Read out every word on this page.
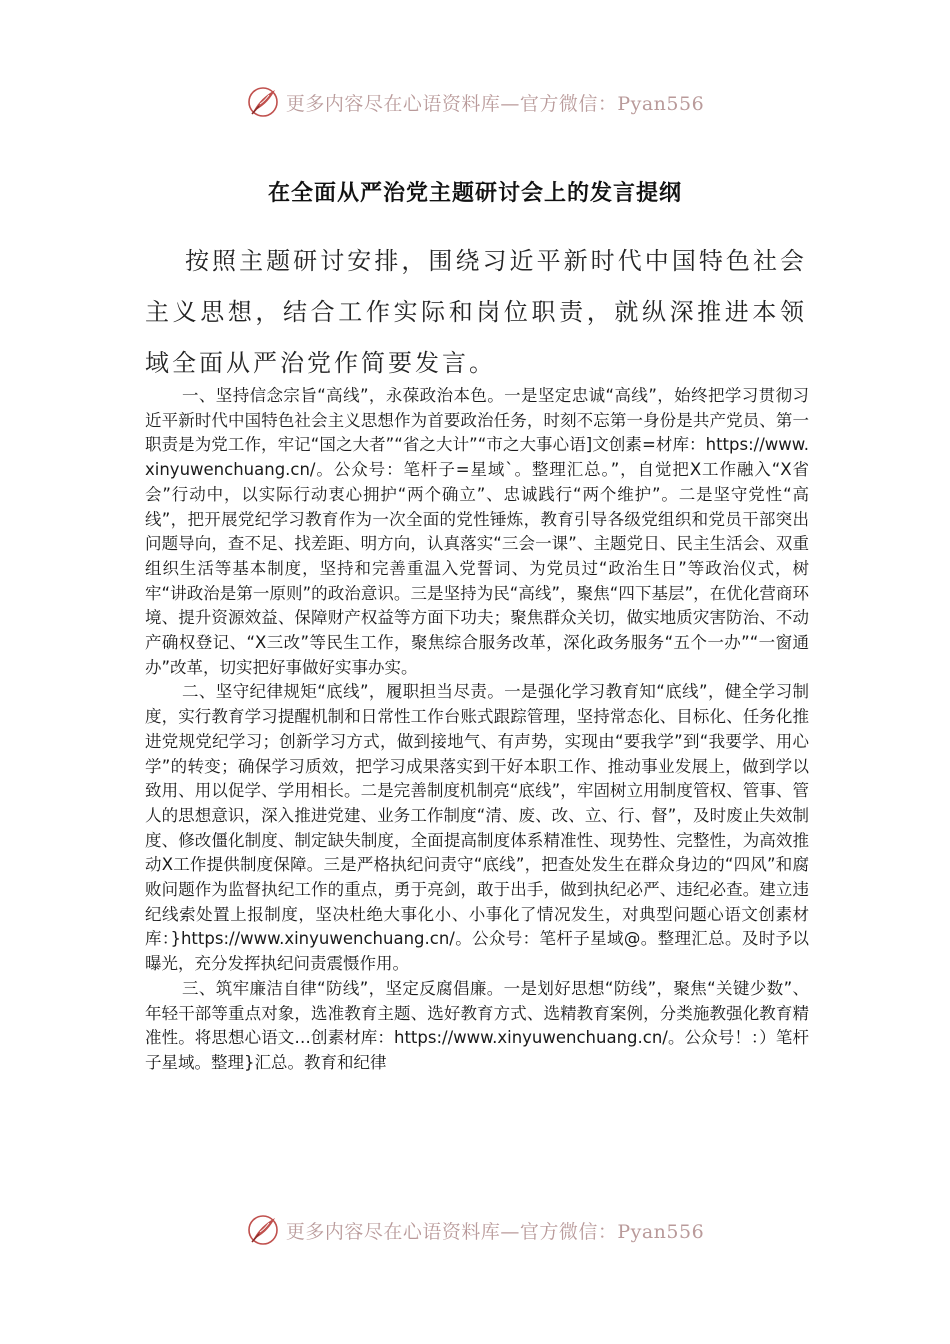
更多内容尽在心语资料库—官方微信：Pyan556
在全面从严治党主题研讨会上的发言提纲
按照主题研讨安排，围绕习近平新时代中国特色社会主义思想，结合工作实际和岗位职责，就纵深推进本领域全面从严治党作简要发言。

一、坚持信念宗旨“高线”，永葆政治本色。一是坚定忠诚“高线”，始终把学习贯彻习近平新时代中国特色社会主义思想作为首要政治任务，时刻不忘第一身份是共产党员、第一职责是为党工作，牢记“国之大者”“省之大计”“市之大事心语]文创素=材库：https://www.xinyuwenchuang.cn/。公众号：笔杆子=星域`。整理汇总。”，自觉把X工作融入“X省会”行动中，以实际行动衷心拥护“两个确立”、忠诚践行“两个维护”。二是坚守党性“高线”，把开展党纪学习教育作为一次全面的党性锤炼，教育引导各级党组织和党员干部突出问题导向，查不足、找差距、明方向，认真落实“三会一课”、主题党日、民主生活会、双重组织生活等基本制度，坚持和完善重温入党誓词、为党员过“政治生日”等政治仪式，树牢“讲政治是第一原则”的政治意识。三是坚持为民“高线”，聚焦“四下基层”，在优化营商环境、提升资源效益、保障财产权益等方面下功夫；聚焦群众关切，做实地质灾害防治、不动产确权登记、“X三改”等民生工作，聚焦综合服务改革，深化政务服务“五个一办”“一窗通办”改革，切实把好事做好实事办实。

二、坚守纪律规矩“底线”，履职担当尽责。一是强化学习教育知“底线”，健全学习制度，实行教育学习提醒机制和日常性工作台账式跟踪管理，坚持常态化、目标化、任务化推进党规党纪学习；创新学习方式，做到接地气、有声势，实现由“要我学”到“我要学、用心学”的转变；确保学习质效，把学习成果落实到干好本职工作、推动事业发展上，做到学以致用、用以促学、学用相长。二是完善制度机制亮“底线”，牢固树立用制度管权、管事、管人的思想意识，深入推进党建、业务工作制度“清、废、改、立、行、督”，及时废止失效制度、修改僵化制度、制定缺失制度，全面提高制度体系精准性、现势性、完整性，为高效推动X工作提供制度保障。三是严格执纪问责守“底线”，把查处发生在群众身边的“四风”和腐败问题作为监督执纪工作的重点，勇于亮剑，敢于出手，做到执纪必严、违纪必查。建立违纪线索处置上报制度，坚决杜绝大事化小、小事化了情况发生，对典型问题心语文创素材库：}https://www.xinyuwenchuang.cn/。公众号：笔杆子星域@。整理汇总。及时予以曝光，充分发挥执纪问责震慑作用。

三、筑牢廉洁自律“防线”，坚定反腐倡廉。一是划好思想“防线”，聚焦“关键少数”、年轻干部等重点对象，选准教育主题、选好教育方式、选精教育案例，分类施教强化教育精准性。将思想心语文…创素材库：https://www.xinyuwenchuang.cn/。公众号！：）笔杆子星域。整理}汇总。教育和纪律

更多内容尽在心语资料库—官方微信：Pyan556
